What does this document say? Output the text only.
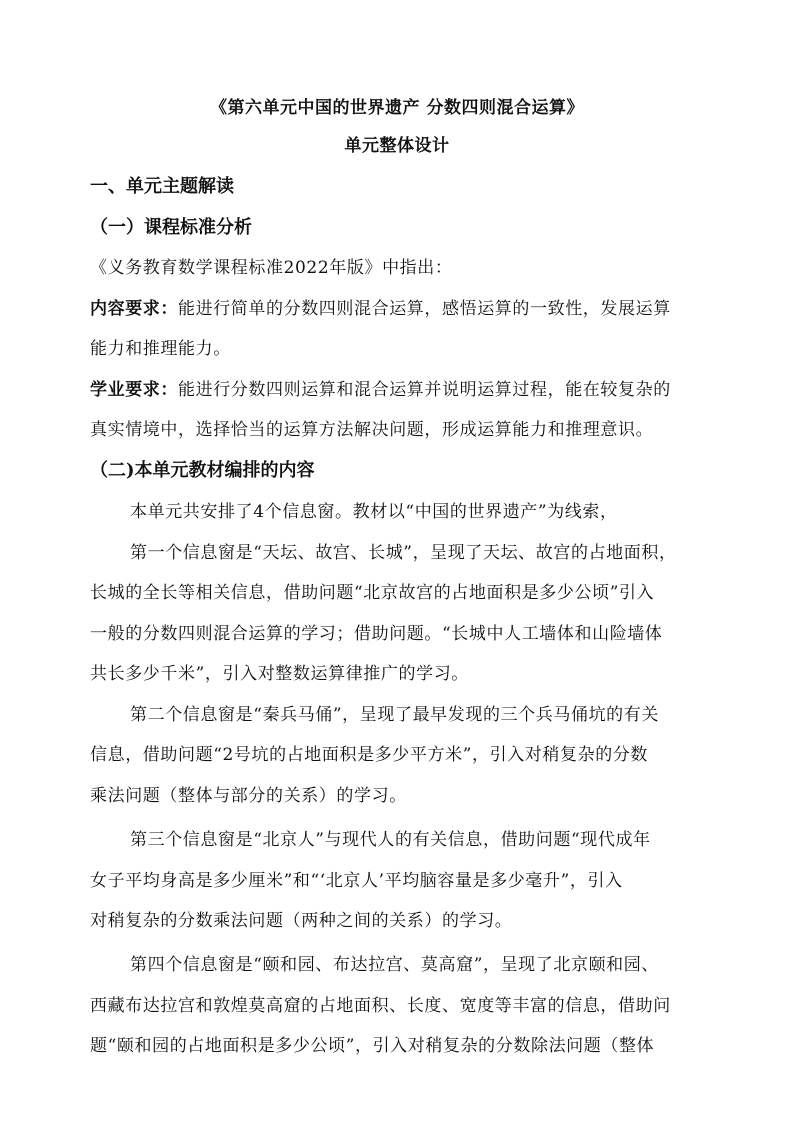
《第六单元中国的世界遗产 分数四则混合运算》
单元整体设计
一、单元主题解读
（一）课程标准分析
《义务教育数学课程标准2022年版》中指出：
内容要求：能进行简单的分数四则混合运算，感悟运算的一致性，发展运算
能力和推理能力。
学业要求：能进行分数四则运算和混合运算并说明运算过程，能在较复杂的
真实情境中，选择恰当的运算方法解决问题，形成运算能力和推理意识。
（二)本单元教材编排的内容
本单元共安排了4个信息窗。教材以“中国的世界遗产”为线索，
第一个信息窗是“天坛、故宫、长城”，呈现了天坛、故宫的占地面积，
长城的全长等相关信息，借助问题“北京故宫的占地面积是多少公顷”引入
一般的分数四则混合运算的学习；借助问题。“长城中人工墙体和山险墙体
共长多少千米”，引入对整数运算律推广的学习。
第二个信息窗是“秦兵马俑”，呈现了最早发现的三个兵马俑坑的有关
信息，借助问题“2号坑的占地面积是多少平方米”，引入对稍复杂的分数
乘法问题（整体与部分的关系）的学习。
第三个信息窗是“北京人”与现代人的有关信息，借助问题“现代成年
女子平均身高是多少厘米”和“‘北京人’平均脑容量是多少毫升”，引入
对稍复杂的分数乘法问题（两种之间的关系）的学习。
第四个信息窗是“颐和园、布达拉宫、莫高窟”，呈现了北京颐和园、
西藏布达拉宫和敦煌莫高窟的占地面积、长度、宽度等丰富的信息，借助问
题“颐和园的占地面积是多少公顷”，引入对稍复杂的分数除法问题（整体
